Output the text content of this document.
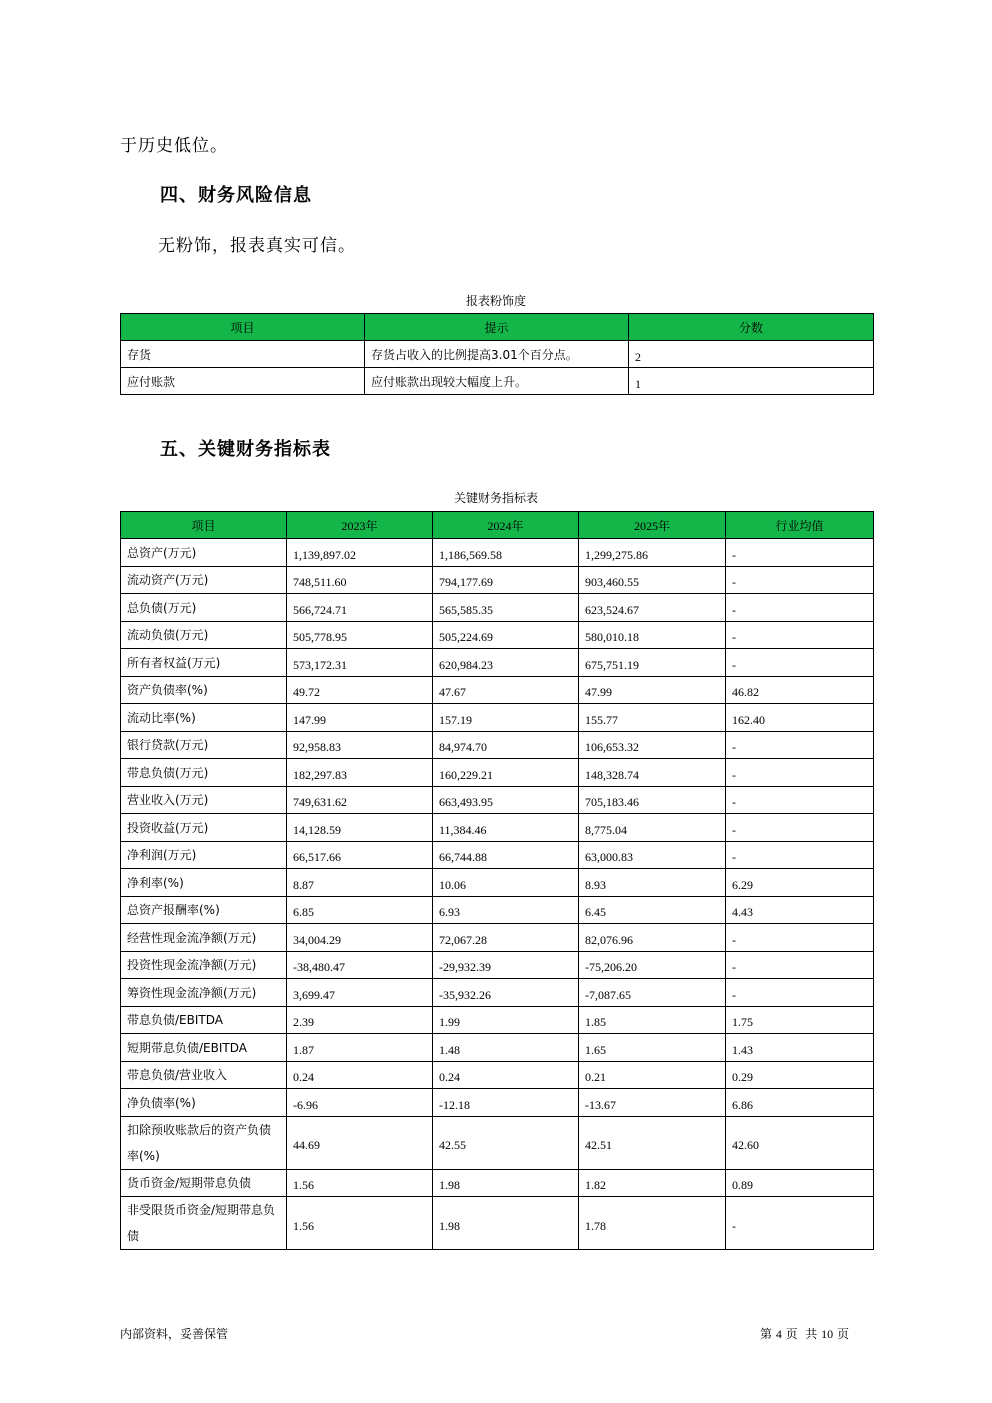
于历史低位。
四、财务风险信息
无粉饰，报表真实可信。
报表粉饰度
项目	提示	分数
存货	存货占收入的比例提高3.01个百分点。	2
应付账款	应付账款出现较大幅度上升。	1
五、关键财务指标表
关键财务指标表
项目	2023年	2024年	2025年	行业均值
总资产(万元)	1,139,897.02	1,186,569.58	1,299,275.86	-
流动资产(万元)	748,511.60	794,177.69	903,460.55	-
总负债(万元)	566,724.71	565,585.35	623,524.67	-
流动负债(万元)	505,778.95	505,224.69	580,010.18	-
所有者权益(万元)	573,172.31	620,984.23	675,751.19	-
资产负债率(%)	49.72	47.67	47.99	46.82
流动比率(%)	147.99	157.19	155.77	162.40
银行贷款(万元)	92,958.83	84,974.70	106,653.32	-
带息负债(万元)	182,297.83	160,229.21	148,328.74	-
营业收入(万元)	749,631.62	663,493.95	705,183.46	-
投资收益(万元)	14,128.59	11,384.46	8,775.04	-
净利润(万元)	66,517.66	66,744.88	63,000.83	-
净利率(%)	8.87	10.06	8.93	6.29
总资产报酬率(%)	6.85	6.93	6.45	4.43
经营性现金流净额(万元)	34,004.29	72,067.28	82,076.96	-
投资性现金流净额(万元)	-38,480.47	-29,932.39	-75,206.20	-
筹资性现金流净额(万元)	3,699.47	-35,932.26	-7,087.65	-
带息负债/EBITDA	2.39	1.99	1.85	1.75
短期带息负债/EBITDA	1.87	1.48	1.65	1.43
带息负债/营业收入	0.24	0.24	0.21	0.29
净负债率(%)	-6.96	-12.18	-13.67	6.86
扣除预收账款后的资产负债率(%)	44.69	42.55	42.51	42.60
货币资金/短期带息负债	1.56	1.98	1.82	0.89
非受限货币资金/短期带息负债	1.56	1.98	1.78	-
内部资料，妥善保管	第 4 页  共 10 页
